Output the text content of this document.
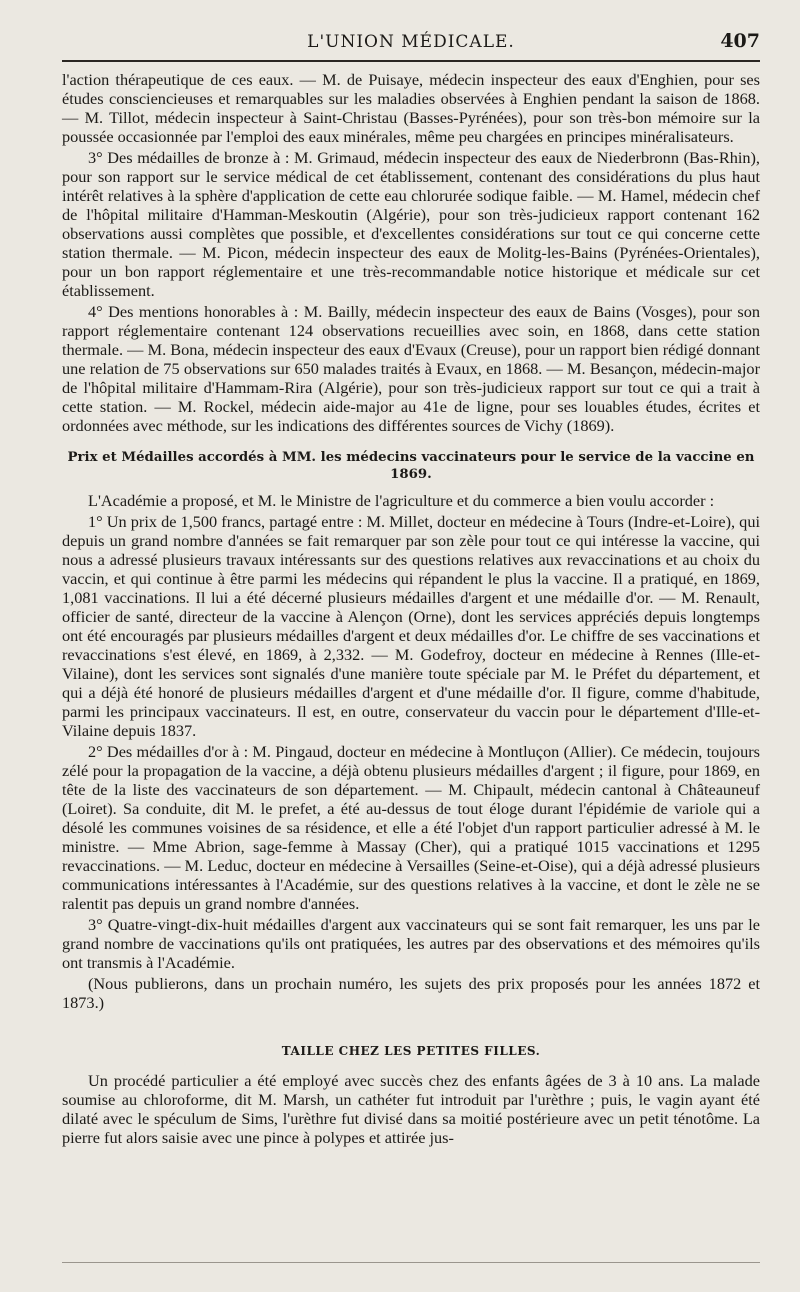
L'UNION MÉDICALE.	407

l'action thérapeutique de ces eaux. — M. de Puisaye, médecin inspecteur des eaux d'Enghien, pour ses études consciencieuses et remarquables sur les maladies observées à Enghien pendant la saison de 1868. — M. Tillot, médecin inspecteur à Saint-Christau (Basses-Pyrénées), pour son très-bon mémoire sur la poussée occasionnée par l'emploi des eaux minérales, même peu chargées en principes minéralisateurs.

3° Des médailles de bronze à : M. Grimaud, médecin inspecteur des eaux de Niederbronn (Bas-Rhin), pour son rapport sur le service médical de cet établissement, contenant des considérations du plus haut intérêt relatives à la sphère d'application de cette eau chlorurée sodique faible. — M. Hamel, médecin chef de l'hôpital militaire d'Hamman-Meskoutin (Algérie), pour son très-judicieux rapport contenant 162 observations aussi complètes que possible, et d'excellentes considérations sur tout ce qui concerne cette station thermale. — M. Picon, médecin inspecteur des eaux de Molitg-les-Bains (Pyrénées-Orientales), pour un bon rapport réglementaire et une très-recommandable notice historique et médicale sur cet établissement.

4° Des mentions honorables à : M. Bailly, médecin inspecteur des eaux de Bains (Vosges), pour son rapport réglementaire contenant 124 observations recueillies avec soin, en 1868, dans cette station thermale. — M. Bona, médecin inspecteur des eaux d'Evaux (Creuse), pour un rapport bien rédigé donnant une relation de 75 observations sur 650 malades traités à Evaux, en 1868. — M. Besançon, médecin-major de l'hôpital militaire d'Hammam-Rira (Algérie), pour son très-judicieux rapport sur tout ce qui a trait à cette station. — M. Rockel, médecin aide-major au 41e de ligne, pour ses louables études, écrites et ordonnées avec méthode, sur les indications des différentes sources de Vichy (1869).

Prix et Médailles accordés à MM. les médecins vaccinateurs pour le service de la vaccine en 1869.

L'Académie a proposé, et M. le Ministre de l'agriculture et du commerce a bien voulu accorder :

1° Un prix de 1,500 francs, partagé entre : M. Millet, docteur en médecine à Tours (Indre-et-Loire), qui depuis un grand nombre d'années se fait remarquer par son zèle pour tout ce qui intéresse la vaccine, qui nous a adressé plusieurs travaux intéressants sur des questions relatives aux revaccinations et au choix du vaccin, et qui continue à être parmi les médecins qui répandent le plus la vaccine. Il a pratiqué, en 1869, 1,081 vaccinations. Il lui a été décerné plusieurs médailles d'argent et une médaille d'or. — M. Renault, officier de santé, directeur de la vaccine à Alençon (Orne), dont les services appréciés depuis longtemps ont été encouragés par plusieurs médailles d'argent et deux médailles d'or. Le chiffre de ses vaccinations et revaccinations s'est élevé, en 1869, à 2,332. — M. Godefroy, docteur en médecine à Rennes (Ille-et-Vilaine), dont les services sont signalés d'une manière toute spéciale par M. le Préfet du département, et qui a déjà été honoré de plusieurs médailles d'argent et d'une médaille d'or. Il figure, comme d'habitude, parmi les principaux vaccinateurs. Il est, en outre, conservateur du vaccin pour le département d'Ille-et-Vilaine depuis 1837.

2° Des médailles d'or à : M. Pingaud, docteur en médecine à Montluçon (Allier). Ce médecin, toujours zélé pour la propagation de la vaccine, a déjà obtenu plusieurs médailles d'argent ; il figure, pour 1869, en tête de la liste des vaccinateurs de son département. — M. Chipault, médecin cantonal à Châteauneuf (Loiret). Sa conduite, dit M. le prefet, a été au-dessus de tout éloge durant l'épidémie de variole qui a désolé les communes voisines de sa résidence, et elle a été l'objet d'un rapport particulier adressé à M. le ministre. — Mme Abrion, sage-femme à Massay (Cher), qui a pratiqué 1015 vaccinations et 1295 revaccinations. — M. Leduc, docteur en médecine à Versailles (Seine-et-Oise), qui a déjà adressé plusieurs communications intéressantes à l'Académie, sur des questions relatives à la vaccine, et dont le zèle ne se ralentit pas depuis un grand nombre d'années.

3° Quatre-vingt-dix-huit médailles d'argent aux vaccinateurs qui se sont fait remarquer, les uns par le grand nombre de vaccinations qu'ils ont pratiquées, les autres par des observations et des mémoires qu'ils ont transmis à l'Académie.

(Nous publierons, dans un prochain numéro, les sujets des prix proposés pour les années 1872 et 1873.)

TAILLE CHEZ LES PETITES FILLES.

Un procédé particulier a été employé avec succès chez des enfants âgées de 3 à 10 ans. La malade soumise au chloroforme, dit M. Marsh, un cathéter fut introduit par l'urèthre ; puis, le vagin ayant été dilaté avec le spéculum de Sims, l'urèthre fut divisé dans sa moitié postérieure avec un petit ténotôme. La pierre fut alors saisie avec une pince à polypes et attirée jus-
